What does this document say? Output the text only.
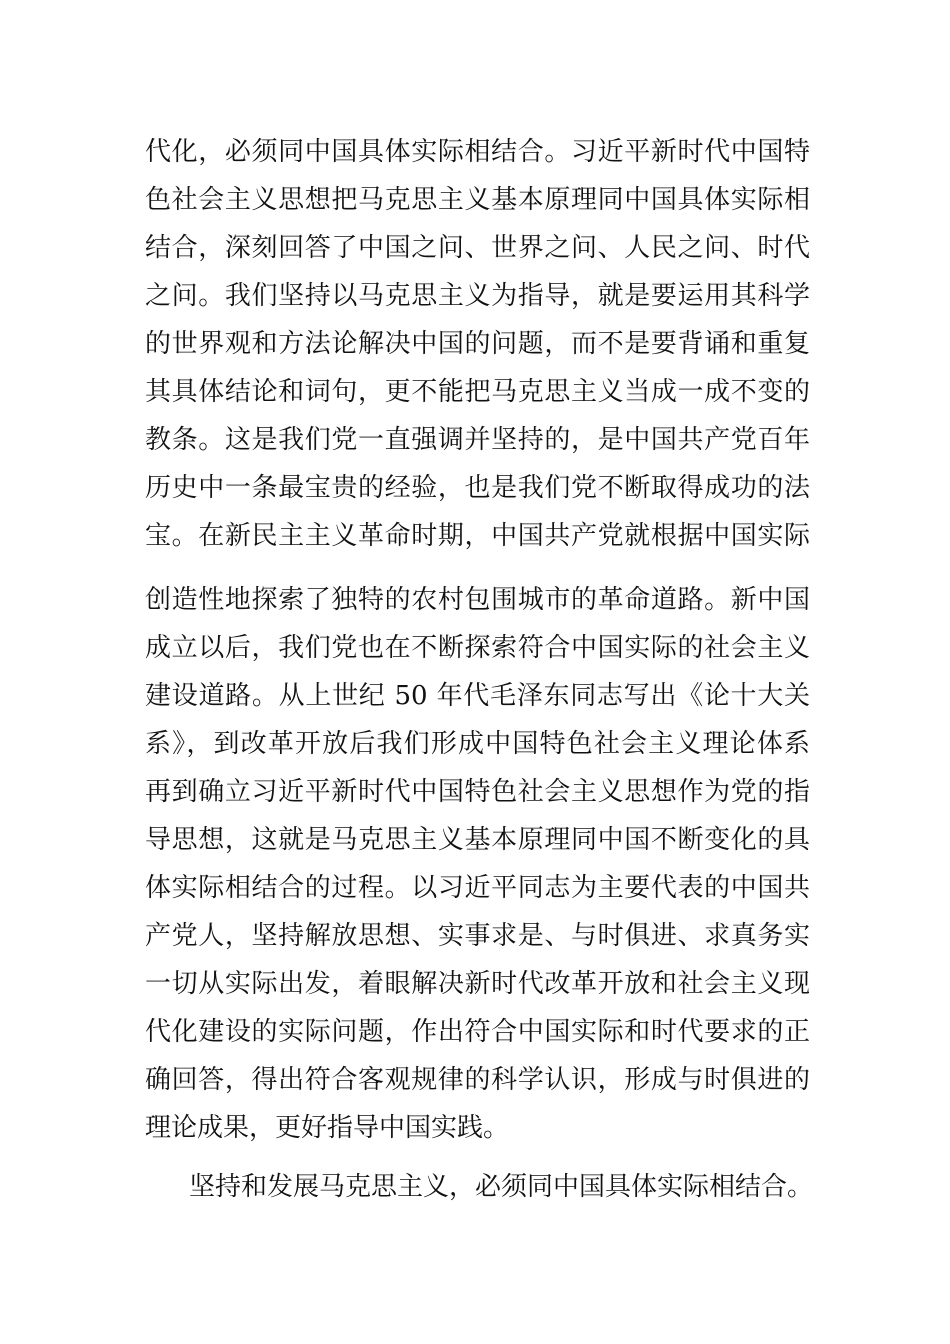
代化，必须同中国具体实际相结合。习近平新时代中国特
色社会主义思想把马克思主义基本原理同中国具体实际相
结合，深刻回答了中国之问、世界之问、人民之问、时代
之问。我们坚持以马克思主义为指导，就是要运用其科学
的世界观和方法论解决中国的问题，而不是要背诵和重复
其具体结论和词句，更不能把马克思主义当成一成不变的
教条。这是我们党一直强调并坚持的，是中国共产党百年
历史中一条最宝贵的经验，也是我们党不断取得成功的法
宝。在新民主主义革命时期，中国共产党就根据中国实际
创造性地探索了独特的农村包围城市的革命道路。新中国
成立以后，我们党也在不断探索符合中国实际的社会主义
建设道路。从上世纪 50 年代毛泽东同志写出《论十大关
系》，到改革开放后我们形成中国特色社会主义理论体系
再到确立习近平新时代中国特色社会主义思想作为党的指
导思想，这就是马克思主义基本原理同中国不断变化的具
体实际相结合的过程。以习近平同志为主要代表的中国共
产党人，坚持解放思想、实事求是、与时俱进、求真务实
一切从实际出发，着眼解决新时代改革开放和社会主义现
代化建设的实际问题，作出符合中国实际和时代要求的正
确回答，得出符合客观规律的科学认识，形成与时俱进的
理论成果，更好指导中国实践。
坚持和发展马克思主义，必须同中国具体实际相结合。
